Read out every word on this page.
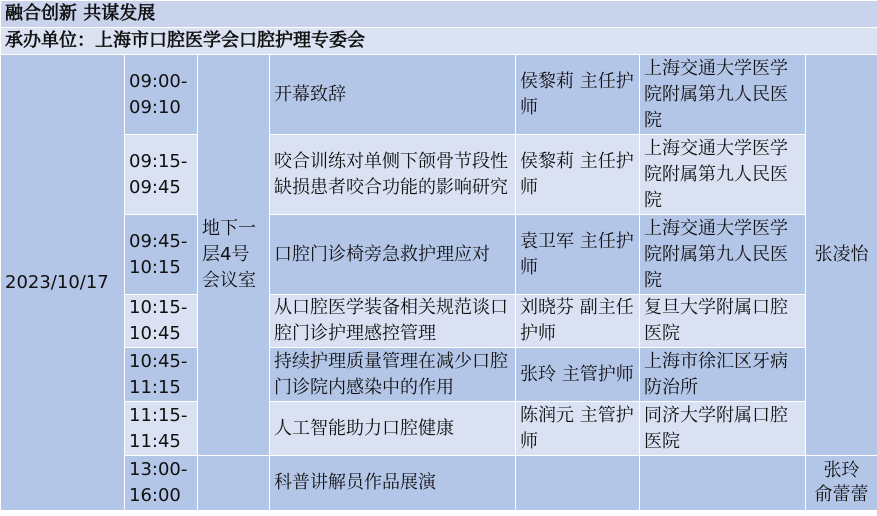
融合创新 共谋发展						
承办单位：上海市口腔医学会口腔护理专委会						
2023/10/17	09:00-09:10	地下一层4号会议室	开幕致辞	侯黎莉 主任护师	上海交通大学医学院附属第九人民医院	张凌怡
	09:15-09:45		咬合训练对单侧下颌骨节段性缺损患者咬合功能的影响研究	侯黎莉 主任护师	上海交通大学医学院附属第九人民医院	
	09:45-10:15		口腔门诊椅旁急救护理应对	袁卫军 主任护师	上海交通大学医学院附属第九人民医院	
	10:15-10:45		从口腔医学装备相关规范谈口腔门诊护理感控管理	刘晓芬 副主任护师	复旦大学附属口腔医院	
	10:45-11:15		持续护理质量管理在减少口腔门诊院内感染中的作用	张玲 主管护师	上海市徐汇区牙病防治所	
	11:15-11:45		人工智能助力口腔健康	陈润元 主管护师	同济大学附属口腔医院	
	13:00-16:00		科普讲解员作品展演			张玲
俞蕾蕾
